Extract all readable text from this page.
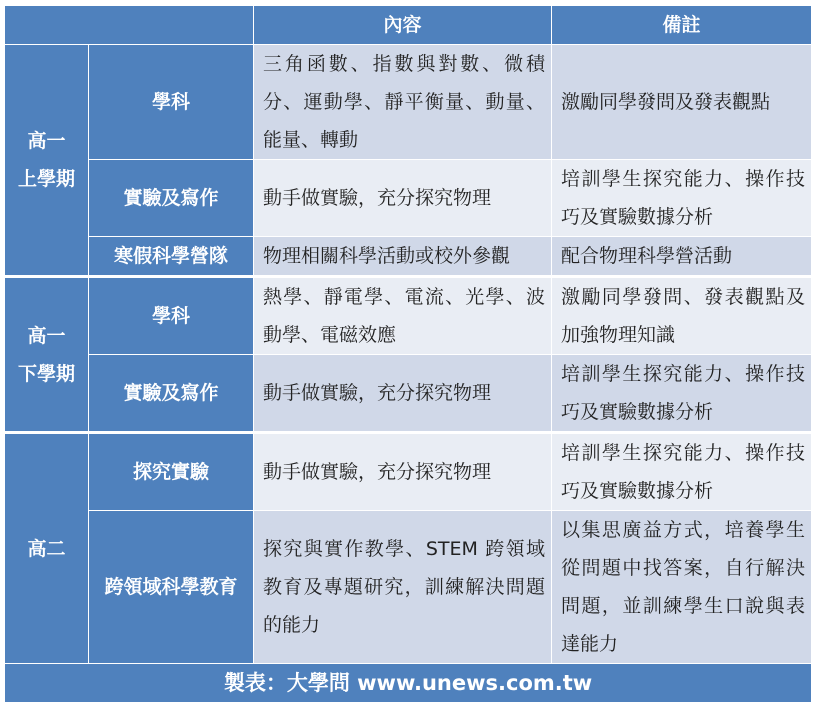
		內容	備註

高一
上學期	學科	三角函數、指數與對數、微積分、運動學、靜平衡量、動量、能量、轉動	激勵同學發問及發表觀點
	實驗及寫作	動手做實驗，充分探究物理	培訓學生探究能力、操作技巧及實驗數據分析
	寒假科學營隊	物理相關科學活動或校外參觀	配合物理科學營活動

高一
下學期	學科	熱學、靜電學、電流、光學、波動學、電磁效應	激勵同學發問、發表觀點及加強物理知識
	實驗及寫作	動手做實驗，充分探究物理	培訓學生探究能力、操作技巧及實驗數據分析

高二	探究實驗	動手做實驗，充分探究物理	培訓學生探究能力、操作技巧及實驗數據分析
	跨領域科學教育	探究與實作教學、STEM 跨領域教育及專題研究，訓練解決問題的能力	以集思廣益方式，培養學生從問題中找答案，自行解決問題，並訓練學生口說與表達能力
製表：大學問 www.unews.com.tw			
